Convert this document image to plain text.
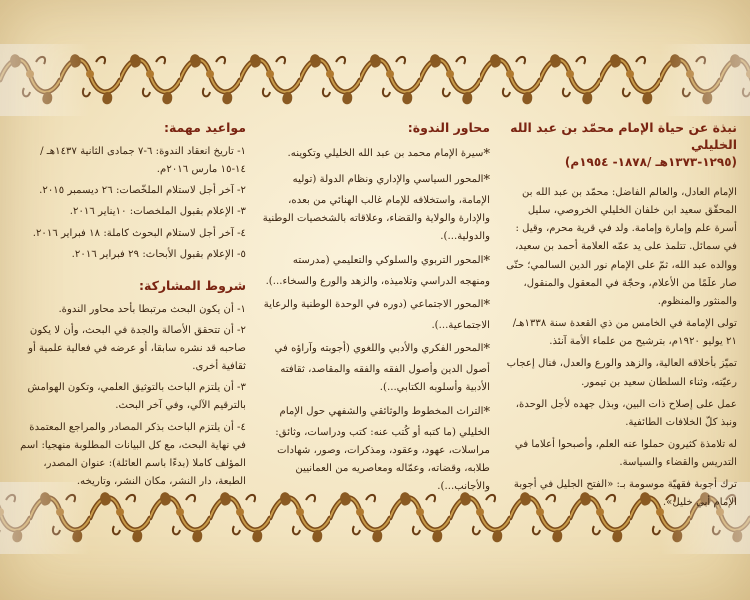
نبذة عن حياة الإمام محمّد بن عبد الله الخليلي
(١٢٩٥-١٣٧٣هـ /١٨٧٨- ١٩٥٤م)

الإمام العادل، والعالم الفاضل: محمّد بن عبد الله بن المحقّق سعيد ابن خلفان الخليلي الخروصي، سليل أسرة علم وإمارة وإمامة. ولد في قرية محرم، وقيل : في سمائل. تتلمذ على يد عمّه العلامة أحمد بن سعيد، ووالده عبد الله، ثمّ على الإمام نور الدين السالمي؛ حتّى صار علَمًا من الأعلام، وحجّة في المعقول والمنقول، والمنثور والمنظوم.

تولى الإمامة في الخامس من ذي القعدة سنة ١٣٣٨هـ/٢١ يوليو ١٩٢٠م، بترشيح من علماء الأمة آنئذ.

تميّز بأخلاقه العالية، والزهد والورع والعدل، فنال إعجاب رعيّته، وثناء السلطان سعيد بن تيمور.

عمل على إصلاح ذات البين، وبذل جهده لأجل الوحدة، ونبذ كلّ الخلافات الطائفية.

له تلامذة كثيرون حملوا عنه العلم، وأصبحوا أعلاما في التدريس والقضاء والسياسة.

ترك أجوبة فقهيّة موسومة بـ: «الفتح الجليل في أجوبة الإمام أبي خليل».

محاور الندوة:

*سيرة الإمام محمد بن عبد الله الخليلي وتكوينه.

*المحور السياسي والإداري ونظام الدولة (توليه الإمامة، واستخلافه للإمام غالب الهنائي من بعده، والإدارة والولاية والقضاء، وعلاقاته بالشخصيات الوطنية والدولية...).

*المحور التربوي والسلوكي والتعليمي (مدرسته ومنهجه الدراسي وتلاميذه، والزهد والورع والسخاء...).

*المحور الاجتماعي (دوره في الوحدة الوطنية والرعاية الاجتماعية...).

*المحور الفكري والأدبي واللغوي (أجوبته وآراؤه في أصول الدين وأصول الفقه والفقه والمقاصد، ثقافته الأدبية وأسلوبه الكتابي...).

*التراث المخطوط والوثائقي والشفهي حول الإمام الخليلي (ما كتبه أو كُتب عنه: كتب ودراسات، وثائق: مراسلات، عهود، وعقود، ومذكرات، وصور، شهادات طلابه، وقضاته، وعمّاله ومعاصريه من العمانيين والأجانب...).

مواعيد مهمة:

١- تاريخ انعقاد الندوة: ٦-٧ جمادى الثانية ١٤٣٧هـ / ١٤-١٥ مارس ٢٠١٦م.

٢- آخر أجل لاستلام الملخّصات: ٢٦ ديسمبر ٢٠١٥.

٣- الإعلام بقبول الملخصات: ١٠يناير ٢٠١٦.

٤- آخر أجل لاستلام البحوث كاملة: ١٨ فبراير ٢٠١٦.

٥- الإعلام بقبول الأبحاث: ٢٩ فبراير ٢٠١٦.

شروط المشاركة:

١- أن يكون البحث مرتبطا بأحد محاور الندوة.

٢- أن تتحقق الأصالة والجدة في البحث، وأن لا يكون صاحبه قد نشره سابقا، أو عرضه في فعالية علمية أو ثقافية أخرى.

٣- أن يلتزم الباحث بالتوثيق العلمي، وتكون الهوامش بالترقيم الآلي، وفي آخر البحث.

٤- أن يلتزم الباحث بذكر المصادر والمراجع المعتمدة في نهاية البحث، مع كل البيانات المطلوبة منهجيا: اسم المؤلف كاملا (بدءًا باسم العائلة): عنوان المصدر، الطبعة، دار النشر، مكان النشر، وتاريخه.
